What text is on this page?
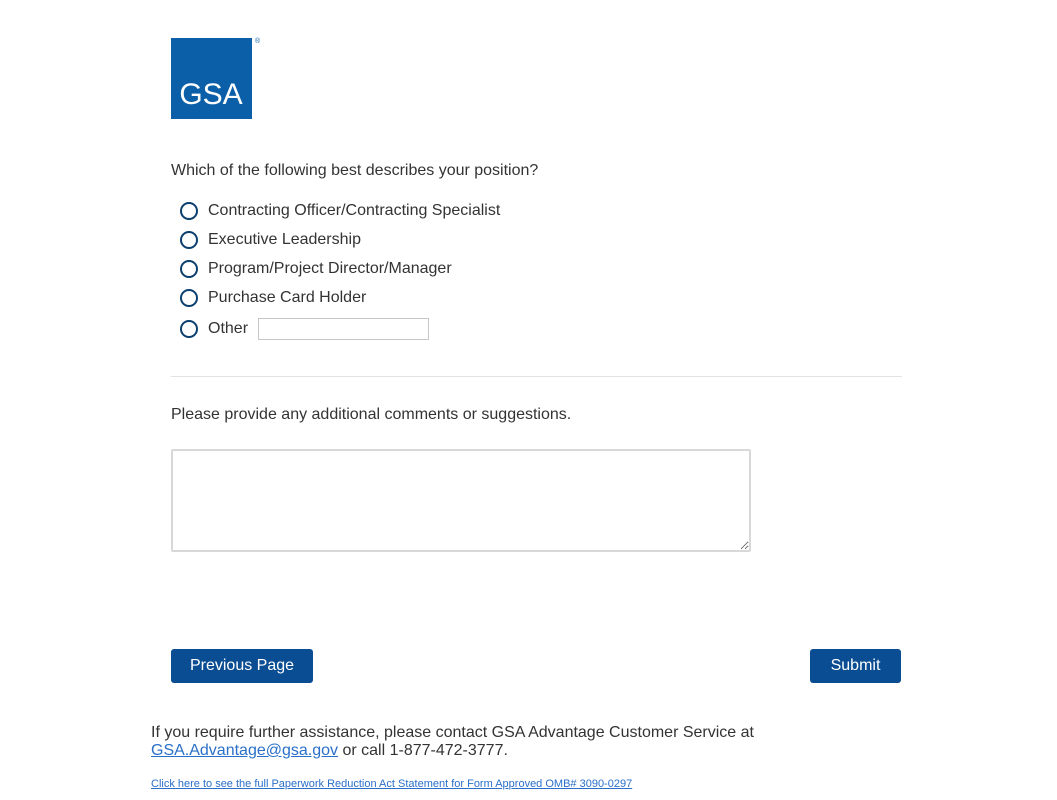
GSA
®
Which of the following best describes your position?
Contracting Officer/Contracting Specialist
Executive Leadership
Program/Project Director/Manager
Purchase Card Holder
Other
Please provide any additional comments or suggestions.
Previous Page	Submit
If you require further assistance, please contact GSA Advantage Customer Service at
GSA.Advantage@gsa.gov or call 1-877-472-3777.
Click here to see the full Paperwork Reduction Act Statement for Form Approved OMB# 3090-0297
